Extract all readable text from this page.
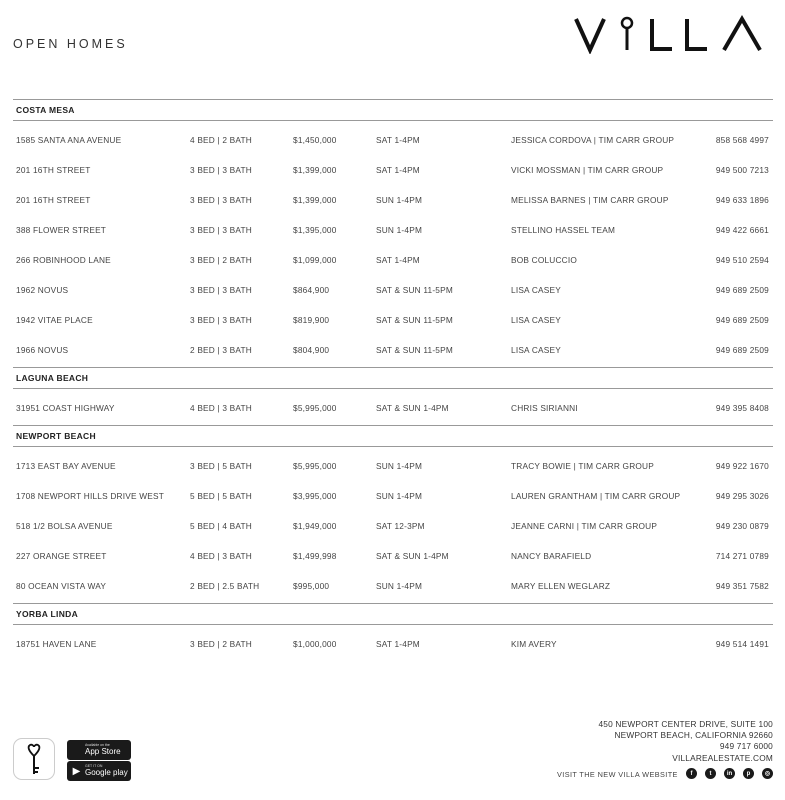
OPEN HOMES
COSTA MESA
1585 SANTA ANA AVENUE	4 BED | 2 BATH	$1,450,000	SAT 1-4PM	JESSICA CORDOVA | TIM CARR GROUP	858 568 4997
201 16TH STREET	3 BED | 3 BATH	$1,399,000	SAT 1-4PM	VICKI MOSSMAN | TIM CARR GROUP	949 500 7213
201 16TH STREET	3 BED | 3 BATH	$1,399,000	SUN 1-4PM	MELISSA BARNES | TIM CARR GROUP	949 633 1896
388 FLOWER STREET	3 BED | 3 BATH	$1,395,000	SUN 1-4PM	STELLINO HASSEL TEAM	949 422 6661
266 ROBINHOOD LANE	3 BED | 2 BATH	$1,099,000	SAT 1-4PM	BOB COLUCCIO	949 510 2594
1962 NOVUS	3 BED | 3 BATH	$864,900	SAT & SUN 11-5PM	LISA CASEY	949 689 2509
1942 VITAE PLACE	3 BED | 3 BATH	$819,900	SAT & SUN 11-5PM	LISA CASEY	949 689 2509
1966 NOVUS	2 BED | 3 BATH	$804,900	SAT & SUN 11-5PM	LISA CASEY	949 689 2509
LAGUNA BEACH
31951 COAST HIGHWAY	4 BED | 3 BATH	$5,995,000	SAT & SUN 1-4PM	CHRIS SIRIANNI	949 395 8408
NEWPORT BEACH
1713 EAST BAY AVENUE	3 BED | 5 BATH	$5,995,000	SUN 1-4PM	TRACY BOWIE | TIM CARR GROUP	949 922 1670
1708 NEWPORT HILLS DRIVE WEST	5 BED | 5 BATH	$3,995,000	SUN 1-4PM	LAUREN GRANTHAM | TIM CARR GROUP	949 295 3026
518 1/2 BOLSA AVENUE	5 BED | 4 BATH	$1,949,000	SAT 12-3PM	JEANNE CARNI | TIM CARR GROUP	949 230 0879
227 ORANGE STREET	4 BED | 3 BATH	$1,499,998	SAT & SUN 1-4PM	NANCY BARAFIELD	714 271 0789
80 OCEAN VISTA WAY	2 BED | 2.5 BATH	$995,000	SUN 1-4PM	MARY ELLEN WEGLARZ	949 351 7582
YORBA LINDA
18751 HAVEN LANE	3 BED | 2 BATH	$1,000,000	SAT 1-4PM	KIM AVERY	949 514 1491
Available on the
App Store
▶	GET IT ON
Google play
450 NEWPORT CENTER DRIVE, SUITE 100
NEWPORT BEACH, CALIFORNIA 92660
949 717 6000
VILLAREALESTATE.COM
VISIT THE NEW VILLA WEBSITE	f	t	in	p	◎
